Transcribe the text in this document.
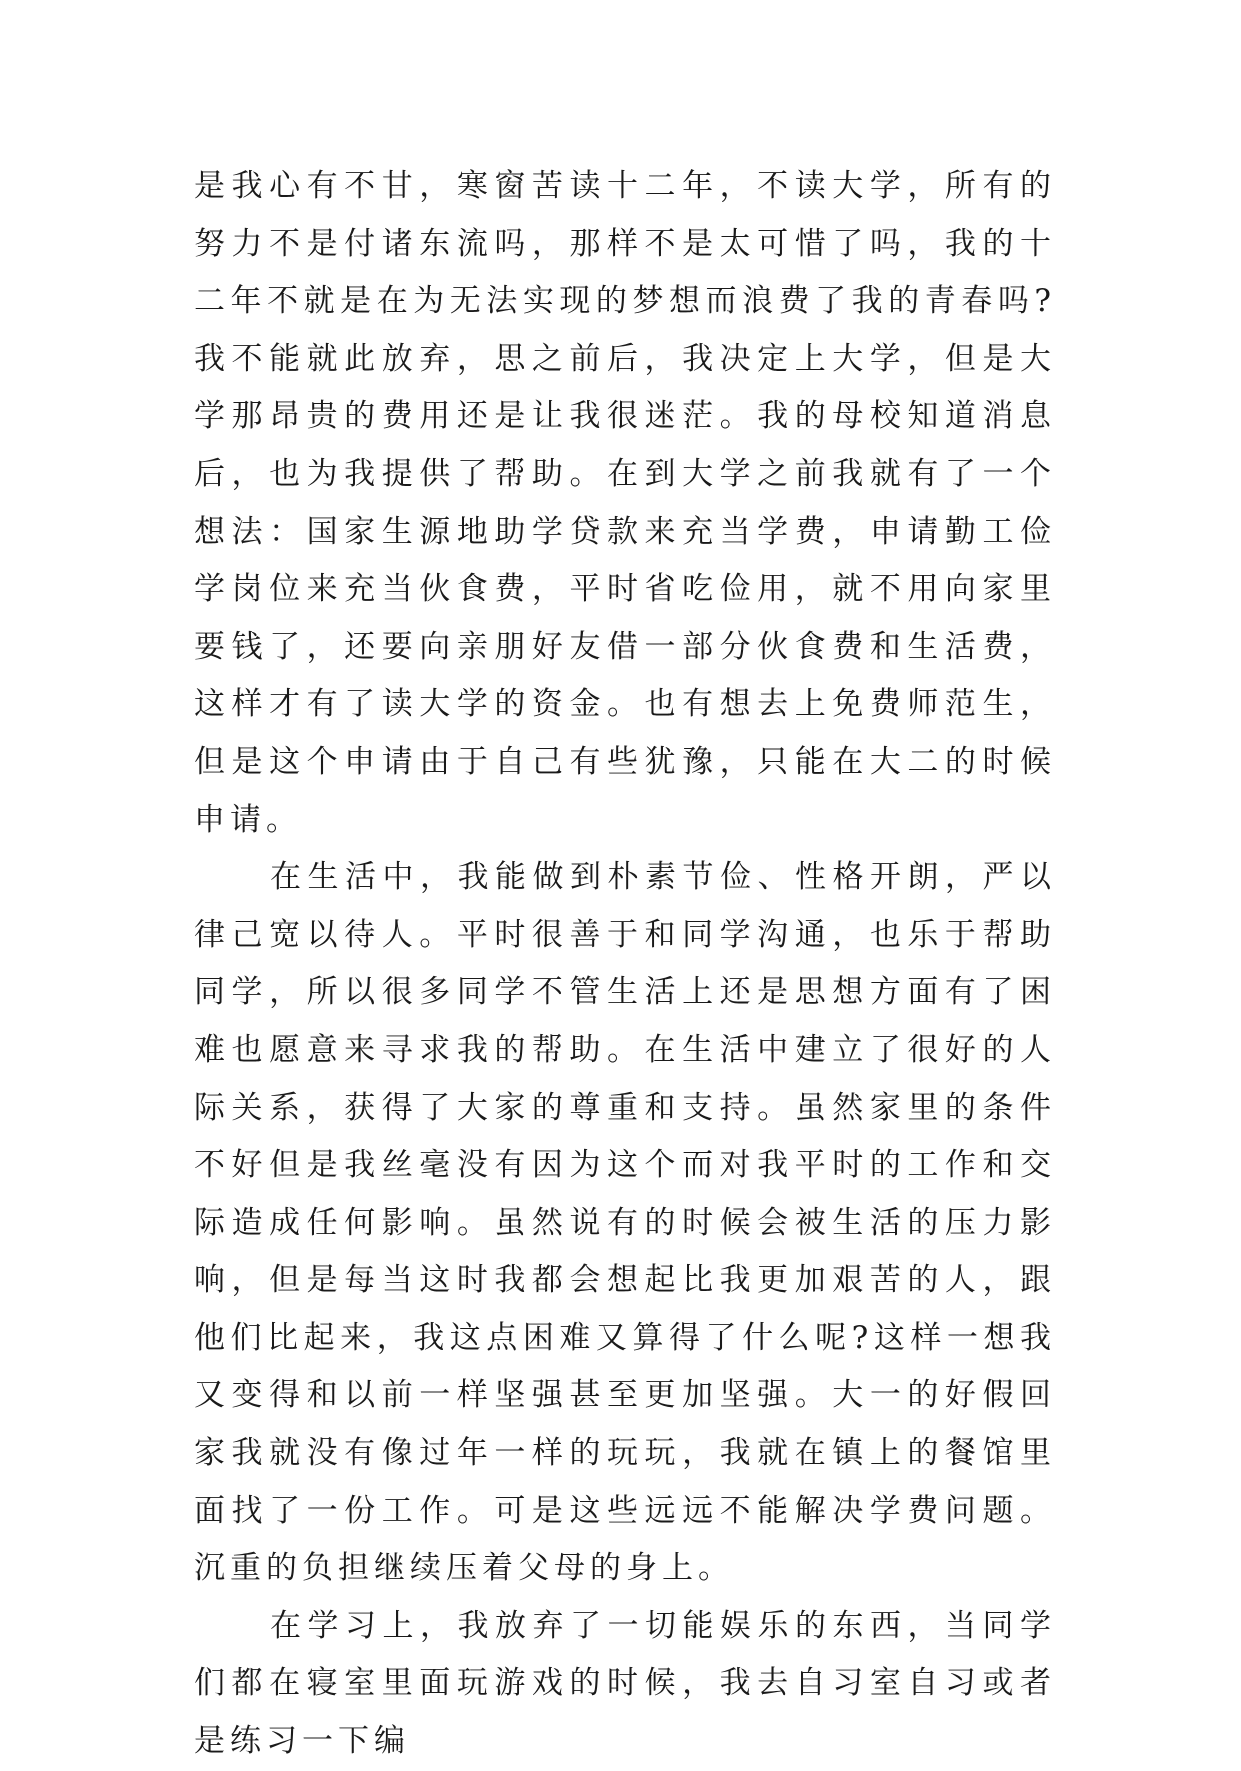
是我心有不甘，寒窗苦读十二年，不读大学，所有的努力不是付诸东流吗，那样不是太可惜了吗，我的十二年不就是在为无法实现的梦想而浪费了我的青春吗?我不能就此放弃，思之前后，我决定上大学，但是大学那昂贵的费用还是让我很迷茫。我的母校知道消息后，也为我提供了帮助。在到大学之前我就有了一个想法：国家生源地助学贷款来充当学费，申请勤工俭学岗位来充当伙食费，平时省吃俭用，就不用向家里要钱了，还要向亲朋好友借一部分伙食费和生活费，这样才有了读大学的资金。也有想去上免费师范生，但是这个申请由于自己有些犹豫，只能在大二的时候申请。

在生活中，我能做到朴素节俭、性格开朗，严以律己宽以待人。平时很善于和同学沟通，也乐于帮助同学，所以很多同学不管生活上还是思想方面有了困难也愿意来寻求我的帮助。在生活中建立了很好的人际关系，获得了大家的尊重和支持。虽然家里的条件不好但是我丝毫没有因为这个而对我平时的工作和交际造成任何影响。虽然说有的时候会被生活的压力影响，但是每当这时我都会想起比我更加艰苦的人，跟他们比起来，我这点困难又算得了什么呢?这样一想我又变得和以前一样坚强甚至更加坚强。大一的好假回家我就没有像过年一样的玩玩，我就在镇上的餐馆里面找了一份工作。可是这些远远不能解决学费问题。沉重的负担继续压着父母的身上。

在学习上，我放弃了一切能娱乐的东西，当同学们都在寝室里面玩游戏的时候，我去自习室自习或者是练习一下编
